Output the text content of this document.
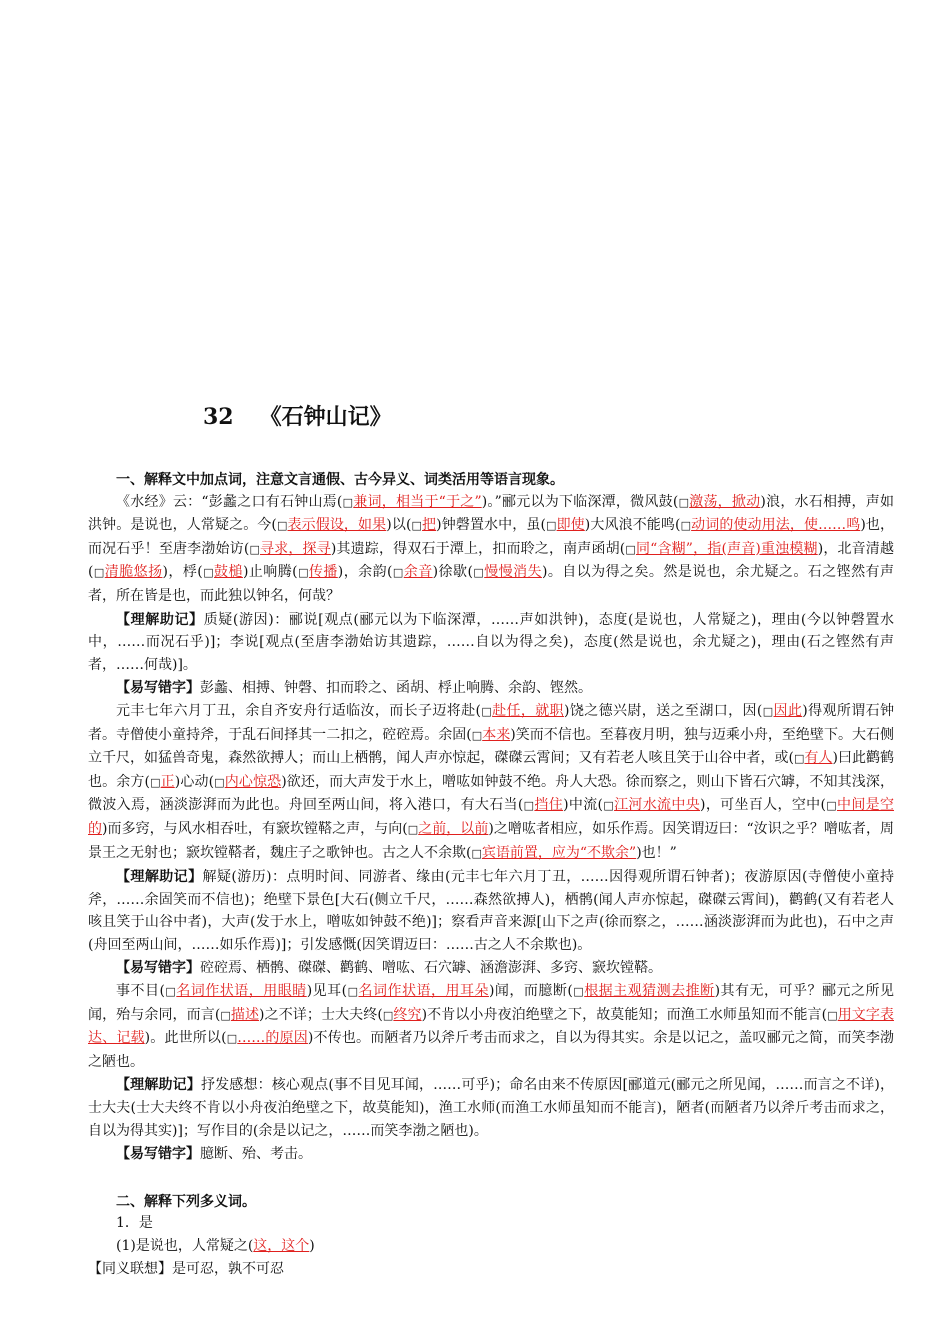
32 《石钟山记》

一、解释文中加点词，注意文言通假、古今异义、词类活用等语言现象。

《水经》云：“彭蠡之口有石钟山焉(□兼词，相当于“于之”)。”郦元以为下临深潭，微风鼓(□激荡，掀动)浪，水石相搏，声如洪钟。是说也，人常疑之。今(□表示假设，如果)以(□把)钟磬置水中，虽(□即使)大风浪不能鸣(□动词的使动用法，使……鸣)也，而况石乎！至唐李渤始访(□寻求，探寻)其遗踪，得双石于潭上，扣而聆之，南声函胡(□同“含糊”，指(声音)重浊模糊)，北音清越(□清脆悠扬)，桴(□鼓槌)止响腾(□传播)，余韵(□余音)徐歇(□慢慢消失)。自以为得之矣。然是说也，余尤疑之。石之铿然有声者，所在皆是也，而此独以钟名，何哉？

【理解助记】质疑(游因)：郦说[观点(郦元以为下临深潭，……声如洪钟)，态度(是说也，人常疑之)，理由(今以钟磬置水中，……而况石乎)]；李说[观点(至唐李渤始访其遗踪，……自以为得之矣)，态度(然是说也，余尤疑之)，理由(石之铿然有声者，……何哉)]。

【易写错字】彭蠡、相搏、钟磬、扣而聆之、函胡、桴止响腾、余韵、铿然。

元丰七年六月丁丑，余自齐安舟行适临汝，而长子迈将赴(□赴任，就职)饶之德兴尉，送之至湖口，因(□因此)得观所谓石钟者。寺僧使小童持斧，于乱石间择其一二扣之，硿硿焉。余固(□本来)笑而不信也。至暮夜月明，独与迈乘小舟，至绝壁下。大石侧立千尺，如猛兽奇鬼，森然欲搏人；而山上栖鹘，闻人声亦惊起，磔磔云霄间；又有若老人咳且笑于山谷中者，或(□有人)曰此鹳鹤也。余方(□正)心动(□内心惊恐)欲还，而大声发于水上，噌吰如钟鼓不绝。舟人大恐。徐而察之，则山下皆石穴罅，不知其浅深，微波入焉，涵淡澎湃而为此也。舟回至两山间，将入港口，有大石当(□挡住)中流(□江河水流中央)，可坐百人，空中(□中间是空的)而多窍，与风水相吞吐，有窾坎镗鞳之声，与向(□之前，以前)之噌吰者相应，如乐作焉。因笑谓迈曰：“汝识之乎？噌吰者，周景王之无射也；窾坎镗鞳者，魏庄子之歌钟也。古之人不余欺(□宾语前置，应为“不欺余”)也！”

【理解助记】解疑(游历)：点明时间、同游者、缘由(元丰七年六月丁丑，……因得观所谓石钟者)；夜游原因(寺僧使小童持斧，……余固笑而不信也)；绝壁下景色[大石(侧立千尺，……森然欲搏人)，栖鹘(闻人声亦惊起，磔磔云霄间)，鹳鹤(又有若老人咳且笑于山谷中者)，大声(发于水上，噌吰如钟鼓不绝)]；察看声音来源[山下之声(徐而察之，……涵淡澎湃而为此也)，石中之声(舟回至两山间，……如乐作焉)]；引发感慨(因笑谓迈曰：……古之人不余欺也)。

【易写错字】硿硿焉、栖鹘、磔磔、鹳鹤、噌吰、石穴罅、涵澹澎湃、多窍、窾坎镗鞳。

事不目(□名词作状语，用眼睛)见耳(□名词作状语，用耳朵)闻，而臆断(□根据主观猜测去推断)其有无，可乎？郦元之所见闻，殆与余同，而言(□描述)之不详；士大夫终(□终究)不肯以小舟夜泊绝壁之下，故莫能知；而渔工水师虽知而不能言(□用文字表达、记载)。此世所以(□……的原因)不传也。而陋者乃以斧斤考击而求之，自以为得其实。余是以记之，盖叹郦元之简，而笑李渤之陋也。

【理解助记】抒发感想：核心观点(事不目见耳闻，……可乎)；命名由来不传原因[郦道元(郦元之所见闻，……而言之不详)，士大夫(士大夫终不肯以小舟夜泊绝壁之下，故莫能知)，渔工水师(而渔工水师虽知而不能言)，陋者(而陋者乃以斧斤考击而求之，自以为得其实)]；写作目的(余是以记之，……而笑李渤之陋也)。

【易写错字】臆断、殆、考击。

二、解释下列多义词。

1．是

(1)是说也，人常疑之(这，这个)

【同义联想】是可忍，孰不可忍
